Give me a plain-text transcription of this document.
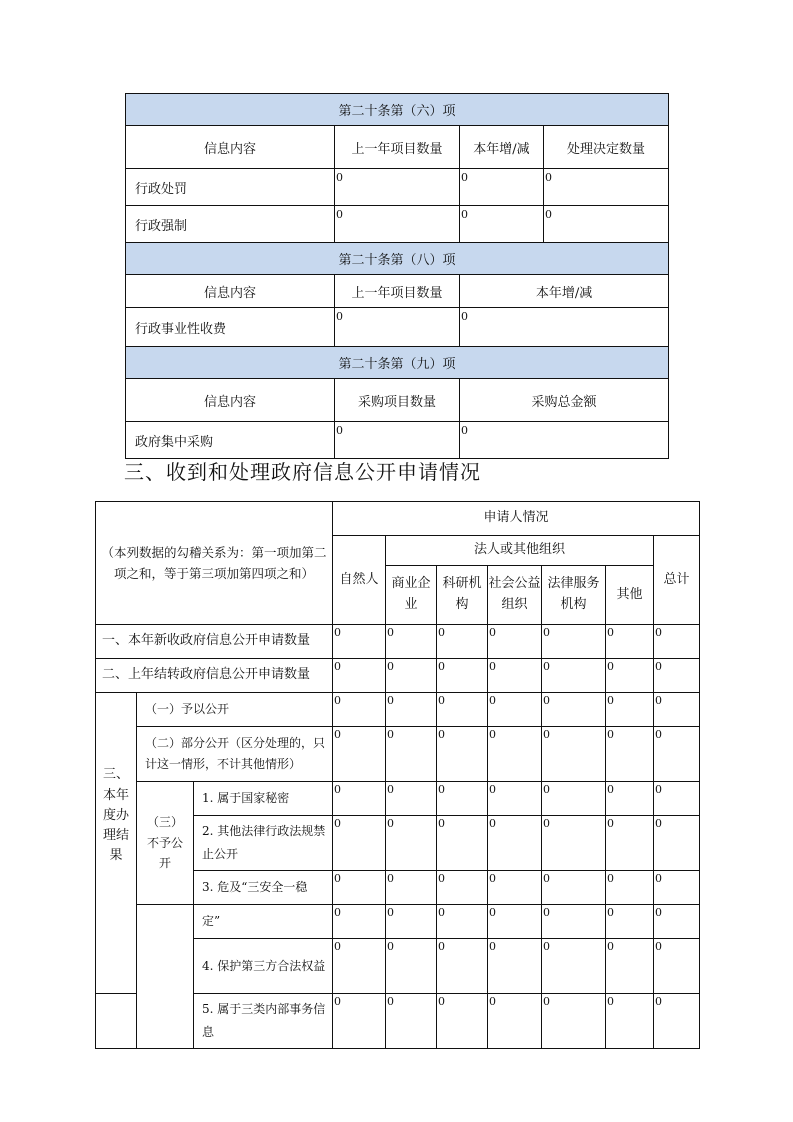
第二十条第（六）项			
信息内容	上一年项目数量	本年增/减	处理决定数量
行政处罚	0	0	0
行政强制	0	0	0
第二十条第（八）项			
信息内容	上一年项目数量	本年增/减	
行政事业性收费	0	0	
第二十条第（九）项			
信息内容	采购项目数量	采购总金额	
政府集中采购	0	0	
三、收到和处理政府信息公开申请情况
（本列数据的勾稽关系为：第一项加第二项之和，等于第三项加第四项之和）			申请人情况						
			自然人	法人或其他组织					总计
				商业企业	科研机构	社会公益组织	法律服务机构	其他	
一、本年新收政府信息公开申请数量			0	0	0	0	0	0	0
二、上年结转政府信息公开申请数量			0	0	0	0	0	0	0
三、本年度办理结果	（一）予以公开		0	0	0	0	0	0	0
	（二）部分公开（区分处理的，只计这一情形，不计其他情形）		0	0	0	0	0	0	0
	（三）不予公开	1. 属于国家秘密	0	0	0	0	0	0	0
		2. 其他法律行政法规禁止公开	0	0	0	0	0	0	0
		3. 危及“三安全一稳	0	0	0	0	0	0	0
		定”	0	0	0	0	0	0	0
		4. 保护第三方合法权益	0	0	0	0	0	0	0
		5. 属于三类内部事务信息	0	0	0	0	0	0	0
